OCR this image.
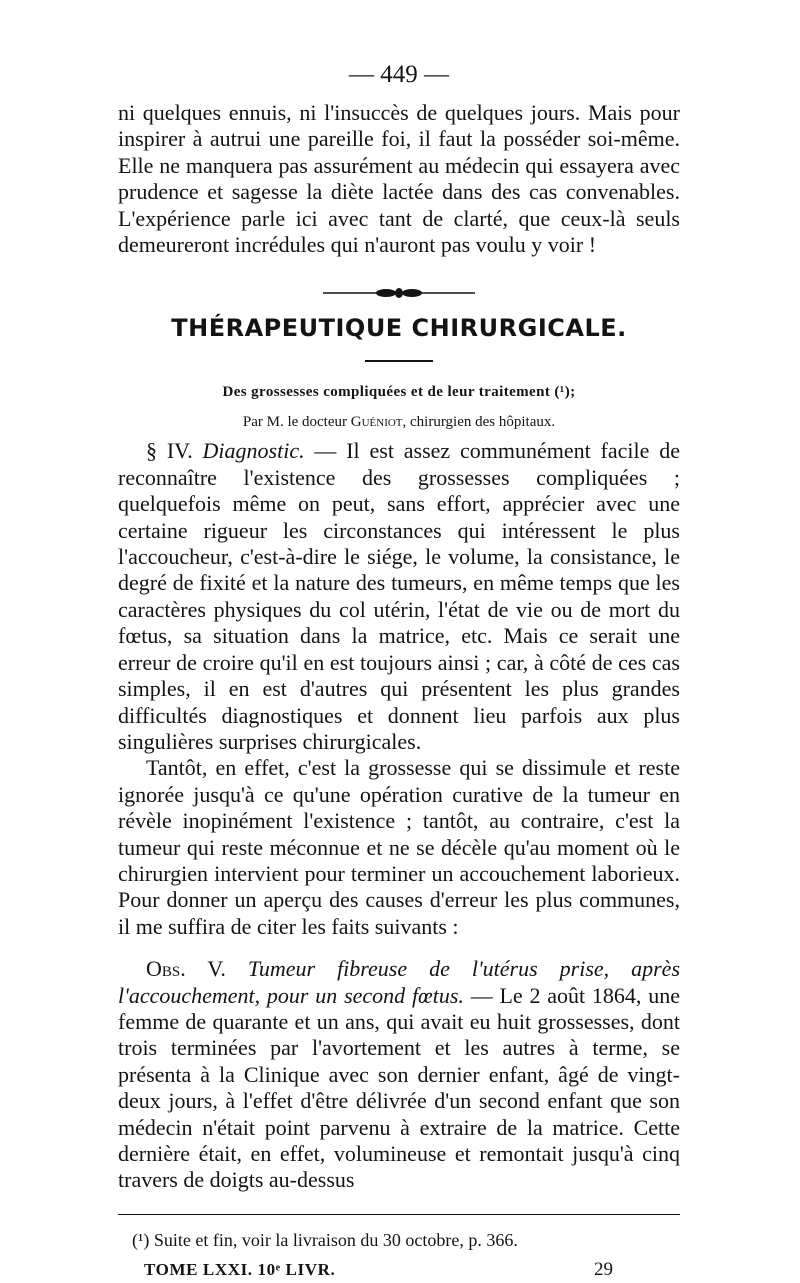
— 449 —

ni quelques ennuis, ni l'insuccès de quelques jours. Mais pour inspirer à autrui une pareille foi, il faut la posséder soi-même. Elle ne manquera pas assurément au médecin qui essayera avec prudence et sagesse la diète lactée dans des cas convenables. L'expérience parle ici avec tant de clarté, que ceux-là seuls demeureront incrédules qui n'auront pas voulu y voir !

THÉRAPEUTIQUE CHIRURGICALE.
Des grossesses compliquées et de leur traitement (¹);
Par M. le docteur Guéniot, chirurgien des hôpitaux.

§ IV. Diagnostic. — Il est assez communément facile de reconnaître l'existence des grossesses compliquées ; quelquefois même on peut, sans effort, apprécier avec une certaine rigueur les circonstances qui intéressent le plus l'accoucheur, c'est-à-dire le siége, le volume, la consistance, le degré de fixité et la nature des tumeurs, en même temps que les caractères physiques du col utérin, l'état de vie ou de mort du fœtus, sa situation dans la matrice, etc. Mais ce serait une erreur de croire qu'il en est toujours ainsi ; car, à côté de ces cas simples, il en est d'autres qui présentent les plus grandes difficultés diagnostiques et donnent lieu parfois aux plus singulières surprises chirurgicales.

Tantôt, en effet, c'est la grossesse qui se dissimule et reste ignorée jusqu'à ce qu'une opération curative de la tumeur en révèle inopinément l'existence ; tantôt, au contraire, c'est la tumeur qui reste méconnue et ne se décèle qu'au moment où le chirurgien intervient pour terminer un accouchement laborieux. Pour donner un aperçu des causes d'erreur les plus communes, il me suffira de citer les faits suivants :

Obs. V. Tumeur fibreuse de l'utérus prise, après l'accouchement, pour un second fœtus. — Le 2 août 1864, une femme de quarante et un ans, qui avait eu huit grossesses, dont trois terminées par l'avortement et les autres à terme, se présenta à la Clinique avec son dernier enfant, âgé de vingt-deux jours, à l'effet d'être délivrée d'un second enfant que son médecin n'était point parvenu à extraire de la matrice. Cette dernière était, en effet, volumineuse et remontait jusqu'à cinq travers de doigts au-dessus

(¹) Suite et fin, voir la livraison du 30 octobre, p. 366.
TOME LXXI. 10ᵉ LIVR.	29
